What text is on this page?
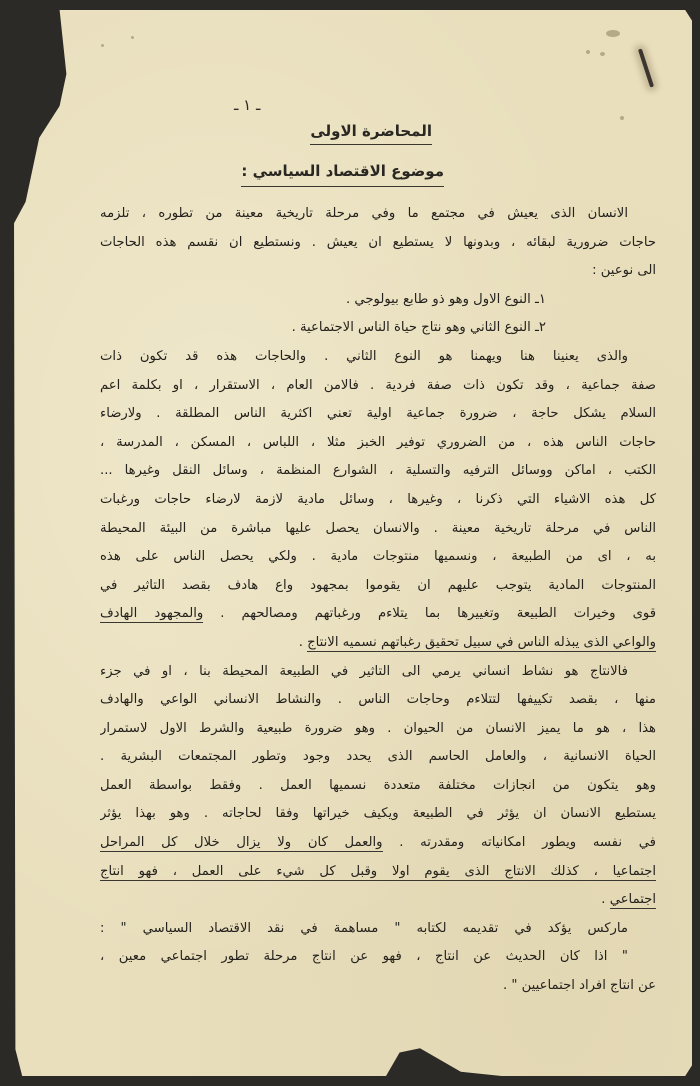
ـ ١ ـ
المحاضرة الاولى
موضوع الاقتصاد السياسي :
الانسان الذى يعيش في مجتمع ما وفي مرحلة تاريخية معينة من تطوره ، تلزمه
حاجات ضرورية لبقائه ، وبدونها لا يستطيع ان يعيش . ونستطيع ان نقسم هذه الحاجات
الى نوعين :
١ـ النوع الاول وهو ذو طابع بيولوجي .
٢ـ النوع الثاني وهو نتاج حياة الناس الاجتماعية .
والذى يعنينا هنا ويهمنا هو النوع الثاني . والحاجات هذه قد تكون ذات
صفة جماعية ، وقد تكون ذات صفة فردية . فالامن العام ، الاستقرار ، او بكلمة اعم
السلام يشكل حاجة ، ضرورة جماعية اولية تعني اكثرية الناس المطلقة . ولارضاء
حاجات الناس هذه ، من الضروري توفير الخبز مثلا ، اللباس ، المسكن ، المدرسة ،
الكتب ، اماكن ووسائل الترفيه والتسلية ، الشوارع المنظمة ، وسائل النقل وغيرها ...
كل هذه الاشياء التي ذكرنا ، وغيرها ، وسائل مادية لازمة لارضاء حاجات ورغبات
الناس في مرحلة تاريخية معينة . والانسان يحصل عليها مباشرة من البيئة المحيطة
به ، اى من الطبيعة ، ونسميها منتوجات مادية . ولكي يحصل الناس على هذه
المنتوجات المادية يتوجب عليهم ان يقوموا بمجهود واع هادف بقصد التاثير في
قوى وخيرات الطبيعة وتغييرها بما يتلاءم ورغباتهم ومصالحهم . والمجهود الهادف
والواعي الذى يبذله الناس في سبيل تحقيق رغباتهم نسميه الانتاج .
فالانتاج هو نشاط انساني يرمي الى التاثير في الطبيعة المحيطة بنا ، او في جزء
منها ، بقصد تكييفها لتتلاءم وحاجات الناس . والنشاط الانساني الواعي والهادف
هذا ، هو ما يميز الانسان من الحيوان . وهو ضرورة طبيعية والشرط الاول لاستمرار
الحياة الانسانية ، والعامل الحاسم الذى يحدد وجود وتطور المجتمعات البشرية .
وهو يتكون من انجازات مختلفة متعددة نسميها العمل . وفقط بواسطة العمل
يستطيع الانسان ان يؤثر في الطبيعة ويكيف خيراتها وفقا لحاجاته . وهو بهذا يؤثر
في نفسه ويطور امكانياته ومقدرته . والعمل كان ولا يزال خلال كل المراحل
اجتماعيا ، كذلك الانتاج الذى يقوم اولا وقبل كل شيء على العمل ، فهو انتاج
اجتماعي .
ماركس يؤكد في تقديمه لكتابه " مساهمة في نقد الاقتصاد السياسي " :
" اذا كان الحديث عن انتاج ، فهو عن انتاج مرحلة تطور اجتماعي معين ،
عن انتاج افراد اجتماعيين " .
